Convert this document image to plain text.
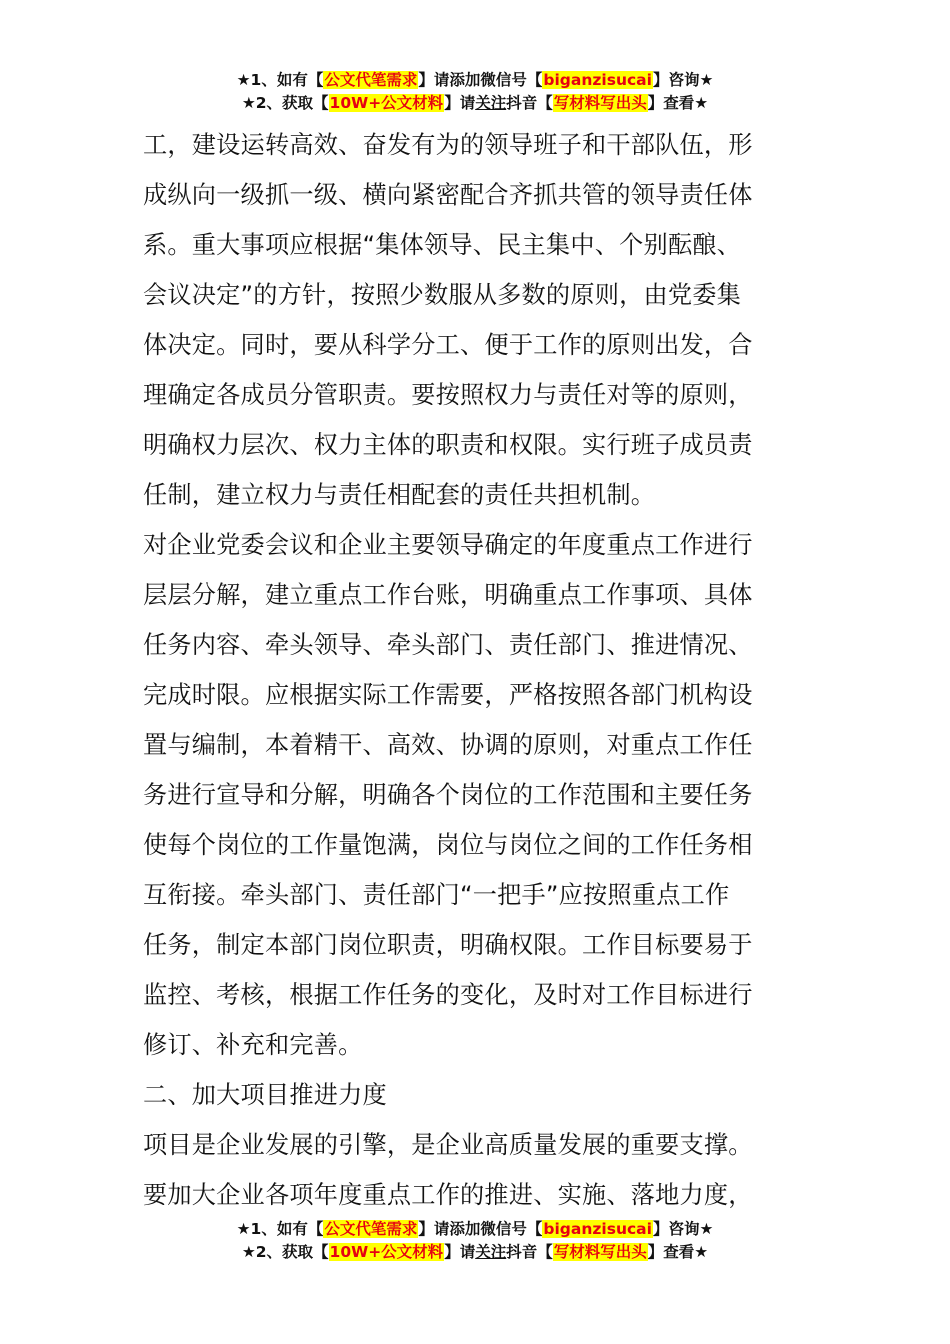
★1、如有【公文代笔需求】请添加微信号【biganzisucai】咨询★
★2、获取【10W+公文材料】请关注抖音【写材料写出头】查看★
工，建设运转高效、奋发有为的领导班子和干部队伍，形
成纵向一级抓一级、横向紧密配合齐抓共管的领导责任体
系。重大事项应根据“集体领导、民主集中、个别酝酿、
会议决定”的方针，按照少数服从多数的原则，由党委集
体决定。同时，要从科学分工、便于工作的原则出发，合
理确定各成员分管职责。要按照权力与责任对等的原则，
明确权力层次、权力主体的职责和权限。实行班子成员责
任制，建立权力与责任相配套的责任共担机制。
对企业党委会议和企业主要领导确定的年度重点工作进行
层层分解，建立重点工作台账，明确重点工作事项、具体
任务内容、牵头领导、牵头部门、责任部门、推进情况、
完成时限。应根据实际工作需要，严格按照各部门机构设
置与编制，本着精干、高效、协调的原则，对重点工作任
务进行宣导和分解，明确各个岗位的工作范围和主要任务
使每个岗位的工作量饱满，岗位与岗位之间的工作任务相
互衔接。牵头部门、责任部门“一把手”应按照重点工作
任务，制定本部门岗位职责，明确权限。工作目标要易于
监控、考核，根据工作任务的变化，及时对工作目标进行
修订、补充和完善。
二、加大项目推进力度
项目是企业发展的引擎，是企业高质量发展的重要支撑。
要加大企业各项年度重点工作的推进、实施、落地力度，
★1、如有【公文代笔需求】请添加微信号【biganzisucai】咨询★
★2、获取【10W+公文材料】请关注抖音【写材料写出头】查看★
